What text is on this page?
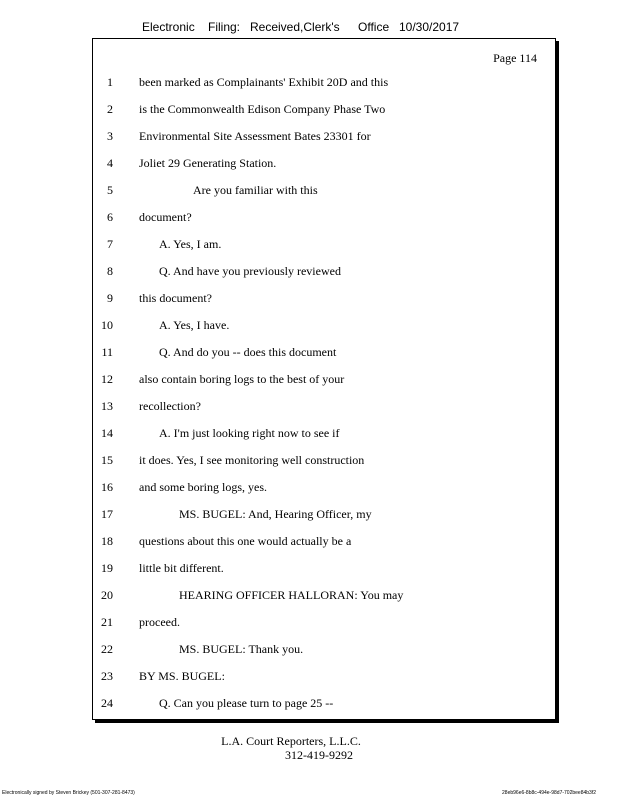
Electronic Filing: Received,Clerk's Office 10/30/2017
Page 114
1 been marked as Complainants' Exhibit 20D and this
2 is the Commonwealth Edison Company Phase Two
3 Environmental Site Assessment Bates 23301 for
4 Joliet 29 Generating Station.
5	Are you familiar with this
6 document?
7	A. Yes, I am.
8	Q. And have you previously reviewed
9 this document?
10	A. Yes, I have.
11	Q. And do you -- does this document
12 also contain boring logs to the best of your
13 recollection?
14	A. I'm just looking right now to see if
15 it does. Yes, I see monitoring well construction
16 and some boring logs, yes.
17	MS. BUGEL: And, Hearing Officer, my
18 questions about this one would actually be a
19 little bit different.
20	HEARING OFFICER HALLORAN: You may
21 proceed.
22	MS. BUGEL: Thank you.
23 BY MS. BUGEL:
24	Q. Can you please turn to page 25 --
L.A. Court Reporters, L.L.C.
312-419-9292
Electronically signed by Steven Brickey (501-307-281-8473)	28eb96e6-8b8c-494e-98d7-702bee84b3f2
